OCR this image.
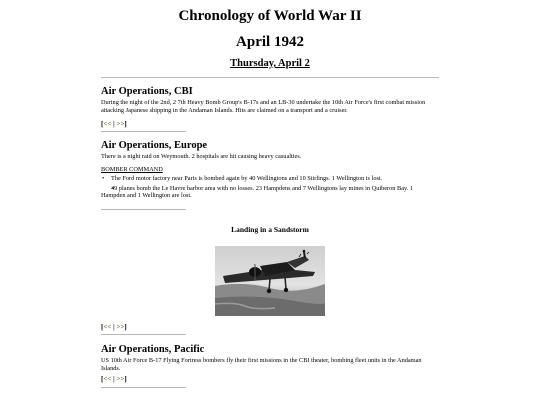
Chronology of World War II
April 1942
Thursday, April 2
Air Operations, CBI

During the night of the 2nd, 2 7th Heavy Bomb Group's B-17s and an LB-30 undertake the 10th Air Force's first combat mission attacking Japanese shipping in the Andaman Islands. Hits are claimed on a transport and a cruiser.

[<< | >>]
Air Operations, Europe

There is a night raid on Weymouth. 2 hospitals are hit causing heavy casualties.

BOMBER COMMAND
• The Ford motor factory near Paris is bombed again by 40 Wellingtons and 10 Stirlings. 1 Wellington is lost.
• 49 planes bomb the Le Havre harbor area with no losses. 23 Hampdens and 7 Wellingtons lay mines in Quiberon Bay. 1 Hampden and 1 Wellington are lost.
Landing in a Sandstorm
[<< | >>]
Air Operations, Pacific

US 10th Air Force B-17 Flying Fortress bombers fly their first missions in the CBI theater, bombing fleet units in the Andaman Islands.

[<< | >>]
